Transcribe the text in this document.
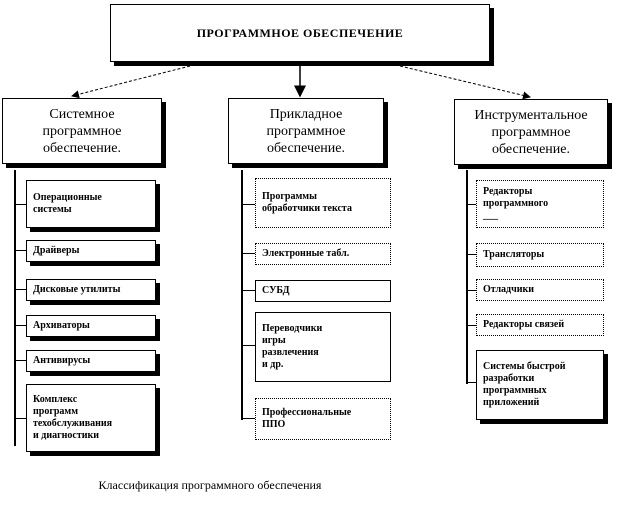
ПРОГРАММНОЕ ОБЕСПЕЧЕНИЕ
Системное
программное
обеспечение.
Операционные
системы
Драйверы
Дисковые утилиты
Архиваторы
Антивирусы
Комплекс
программ
техобслуживания
и диагностики
Прикладное
программное
обеспечение.
Программы
обработчики текста
Электронные табл.
СУБД
Переводчики
игры
развлечения
и др.
Профессиональные
ППО
Инструментальное
программное
обеспечение.
Редакторы
программного
___
Трансляторы
Отладчики
Редакторы связей
Системы быстрой
разработки
программных
приложений
Классификация программного обеспечения
